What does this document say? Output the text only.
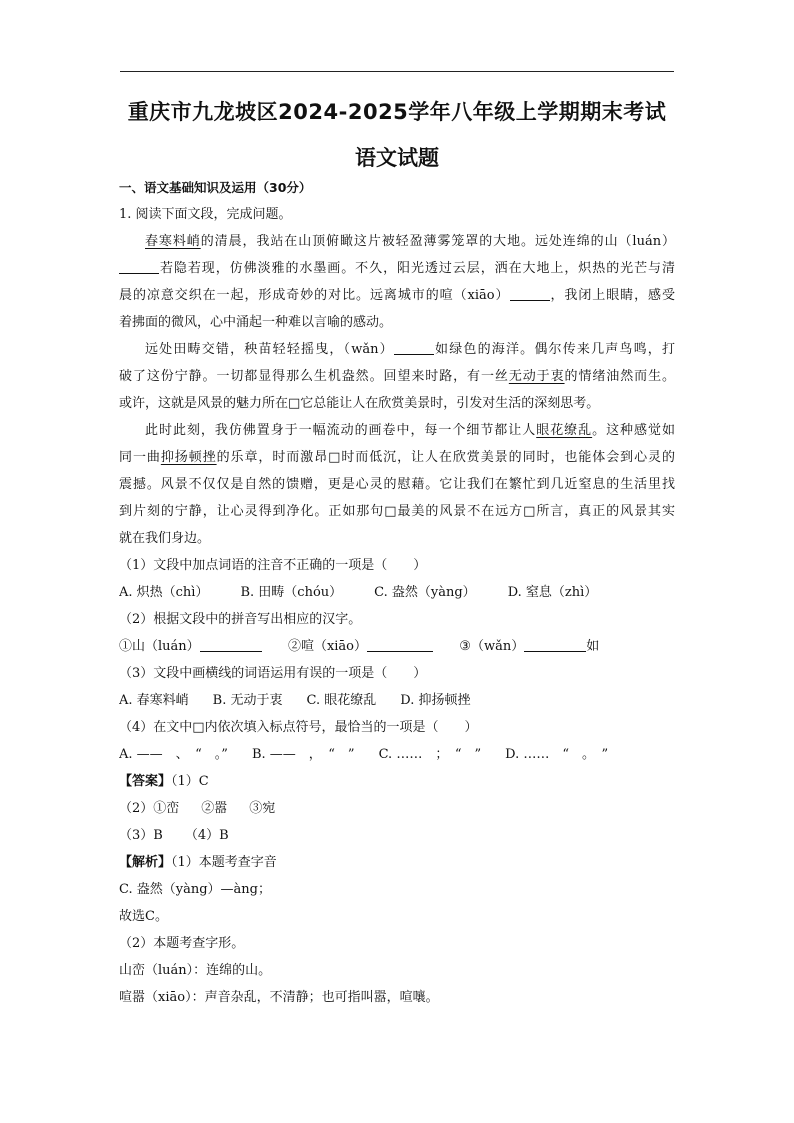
重庆市九龙坡区2024-2025学年八年级上学期期末考试
语文试题
一、语文基础知识及运用（30分）
1. 阅读下面文段，完成问题。
春寒料峭的清晨，我站在山顶俯瞰这片被轻盈薄雾笼罩的大地。远处连绵的山（luán）
若隐若现，仿佛淡雅的水墨画。不久，阳光透过云层，洒在大地上，炽热的光芒与清
晨的凉意交织在一起，形成奇妙的对比。远离城市的喧（xiāo）	，我闭上眼睛，感受
着拂面的微风，心中涌起一种难以言喻的感动。
远处田畴交错，秧苗轻轻摇曳，（wǎn）	如绿色的海洋。偶尔传来几声鸟鸣，打
破了这份宁静。一切都显得那么生机盎然。回望来时路，有一丝无动于衷的情绪油然而生。
或许，这就是风景的魅力所在□它总能让人在欣赏美景时，引发对生活的深刻思考。
此时此刻，我仿佛置身于一幅流动的画卷中，每一个细节都让人眼花缭乱。这种感觉如
同一曲抑扬顿挫的乐章，时而激昂□时而低沉，让人在欣赏美景的同时，也能体会到心灵的
震撼。风景不仅仅是自然的馈赠，更是心灵的慰藉。它让我们在繁忙到几近窒息的生活里找
到片刻的宁静，让心灵得到净化。正如那句□最美的风景不在远方□所言，真正的风景其实
就在我们身边。
（1）文段中加点词语的注音不正确的一项是（　　）
A. 炽热（chì） B. 田畴（chóu） C. 盎然（yàng） D. 窒息（zhì）
（2）根据文段中的拼音写出相应的汉字。
①山（luán）	②喧（xiāo）	③（wǎn）	如
（3）文段中画横线的词语运用有误的一项是（　　）
A. 春寒料峭 B. 无动于衷 C. 眼花缭乱 D. 抑扬顿挫
（4）在文中□内依次填入标点符号，最恰当的一项是（　　）
A. ——　、　“　。” B. ——　，　“　” C. ……　；　“　” D. ……　“　。　”
【答案】（1）C
（2）①峦 ②嚣 ③宛
（3）B （4）B
【解析】（1）本题考查字音
C. 盎然（yàng）—àng；
故选C。
（2）本题考查字形。
山峦（luán）：连绵的山。
喧嚣（xiāo）：声音杂乱，不清静；也可指叫嚣，喧嚷。
